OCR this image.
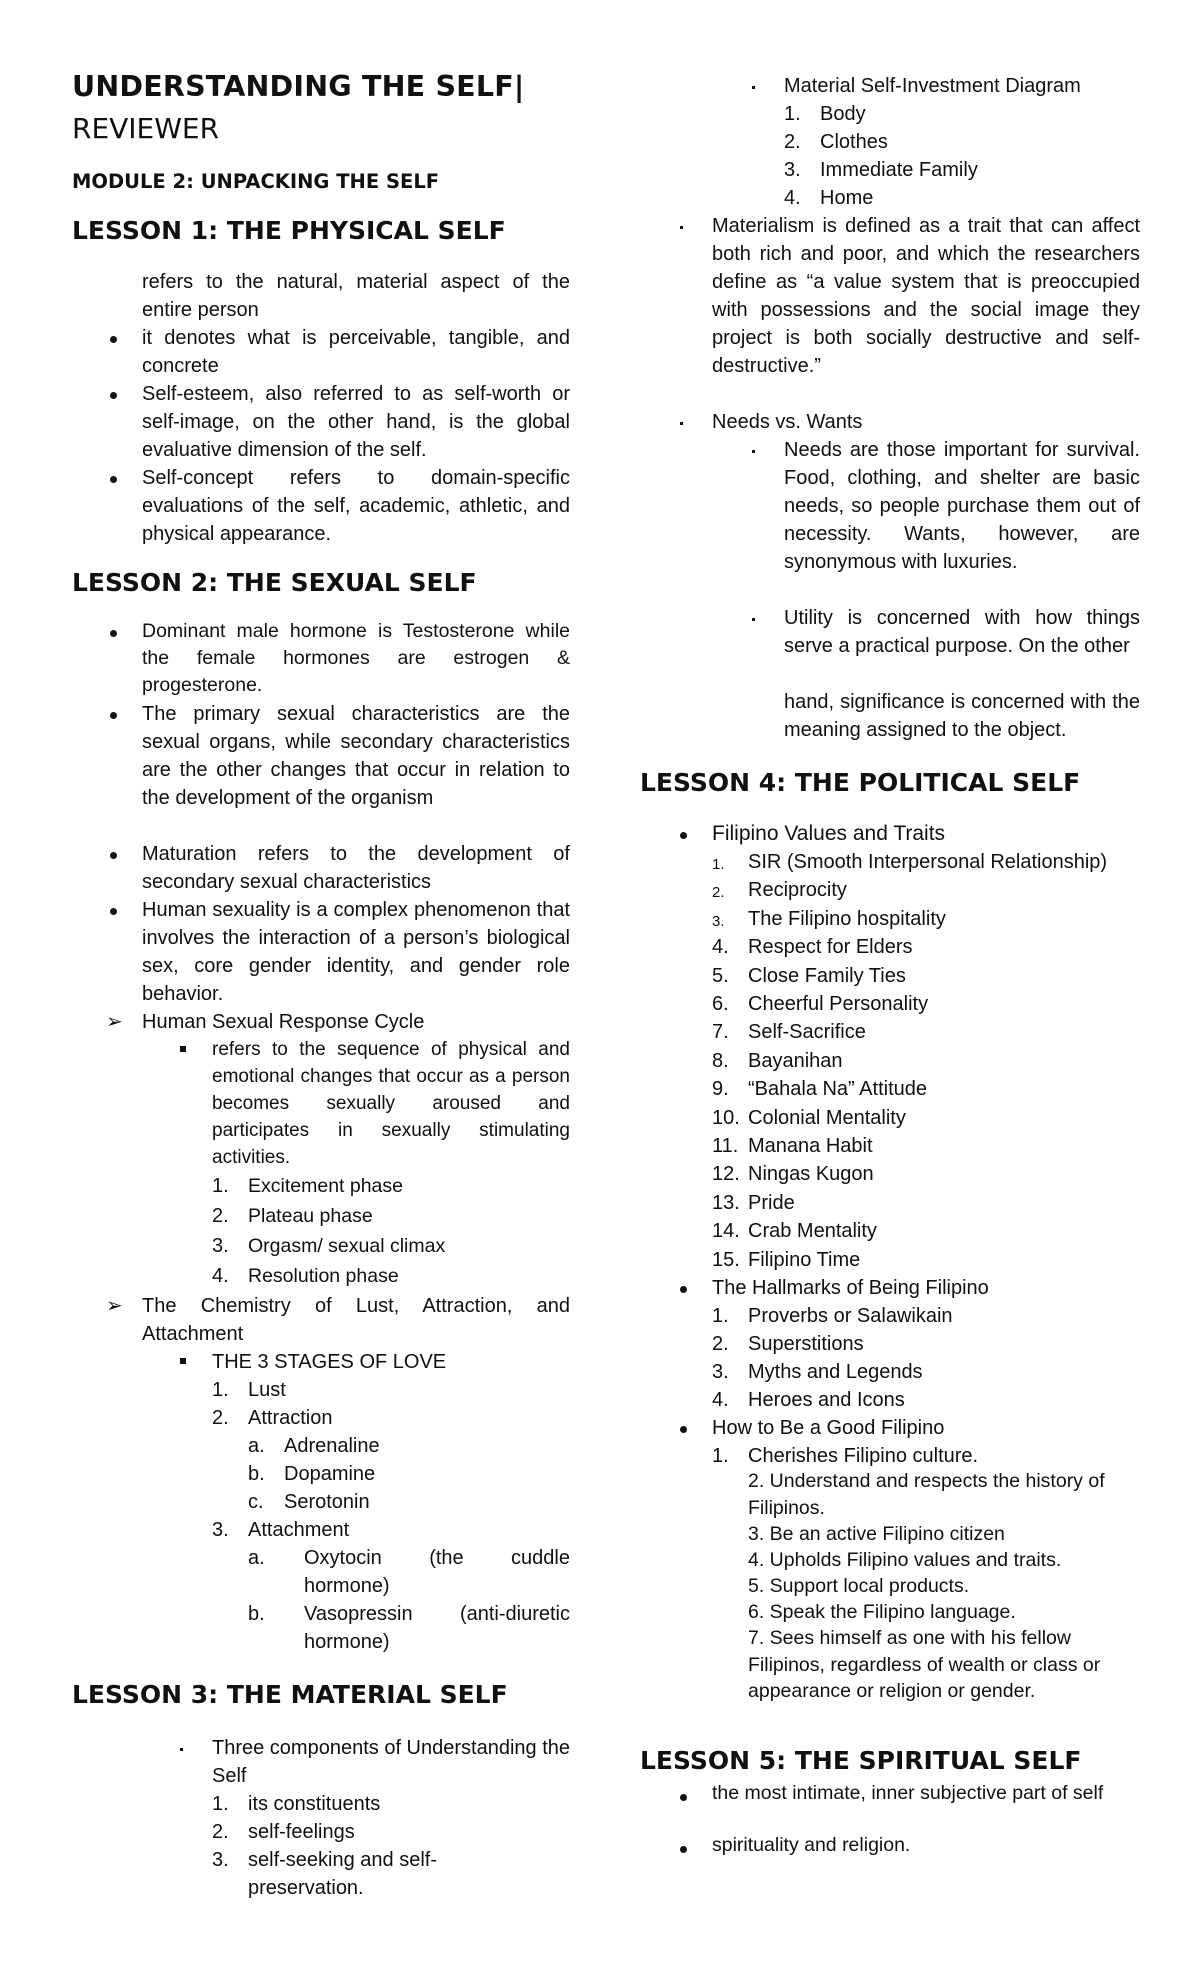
UNDERSTANDING THE SELF|
REVIEWER
MODULE 2: UNPACKING THE SELF
LESSON 1: THE PHYSICAL SELF
refers to the natural, material aspect of the entire person
it denotes what is perceivable, tangible, and concrete
Self-esteem, also referred to as self-worth or self-image, on the other hand, is the global evaluative dimension of the self.
Self-concept refers to domain-specific evaluations of the self, academic, athletic, and physical appearance.
LESSON 2: THE SEXUAL SELF
Dominant male hormone is Testosterone while the female hormones are estrogen & progesterone.
The primary sexual characteristics are the sexual organs, while secondary characteristics are the other changes that occur in relation to the development of the organism
Maturation refers to the development of secondary sexual characteristics
Human sexuality is a complex phenomenon that involves the interaction of a person’s biological sex, core gender identity, and gender role behavior.
➢ Human Sexual Response Cycle
refers to the sequence of physical and emotional changes that occur as a person becomes sexually aroused and participates in sexually stimulating activities.
1. Excitement phase
2. Plateau phase
3. Orgasm/ sexual climax
4. Resolution phase
➢ The Chemistry of Lust, Attraction, and Attachment
THE 3 STAGES OF LOVE
1. Lust
2. Attraction
a. Adrenaline
b. Dopamine
c. Serotonin
3. Attachment
a. Oxytocin (the cuddle hormone)
b. Vasopressin (anti-diuretic hormone)
LESSON 3: THE MATERIAL SELF
Three components of Understanding the Self
1. its constituents
2. self-feelings
3. self-seeking and self-preservation.
Material Self-Investment Diagram
1. Body
2. Clothes
3. Immediate Family
4. Home
Materialism is defined as a trait that can affect both rich and poor, and which the researchers define as “a value system that is preoccupied with possessions and the social image they project is both socially destructive and self-destructive.”
Needs vs. Wants
Needs are those important for survival. Food, clothing, and shelter are basic needs, so people purchase them out of necessity. Wants, however, are synonymous with luxuries.
Utility is concerned with how things serve a practical purpose. On the other
hand, significance is concerned with the meaning assigned to the object.
LESSON 4: THE POLITICAL SELF
Filipino Values and Traits
1. SIR (Smooth Interpersonal Relationship)
2. Reciprocity
3. The Filipino hospitality
4. Respect for Elders
5. Close Family Ties
6. Cheerful Personality
7. Self-Sacrifice
8. Bayanihan
9. “Bahala Na” Attitude
10. Colonial Mentality
11. Manana Habit
12. Ningas Kugon
13. Pride
14. Crab Mentality
15. Filipino Time
The Hallmarks of Being Filipino
1. Proverbs or Salawikain
2. Superstitions
3. Myths and Legends
4. Heroes and Icons
How to Be a Good Filipino
1. Cherishes Filipino culture.
2. Understand and respects the history of Filipinos.
3. Be an active Filipino citizen
4. Upholds Filipino values and traits.
5. Support local products.
6. Speak the Filipino language.
7. Sees himself as one with his fellow Filipinos, regardless of wealth or class or appearance or religion or gender.
LESSON 5: THE SPIRITUAL SELF
the most intimate, inner subjective part of self
spirituality and religion.
